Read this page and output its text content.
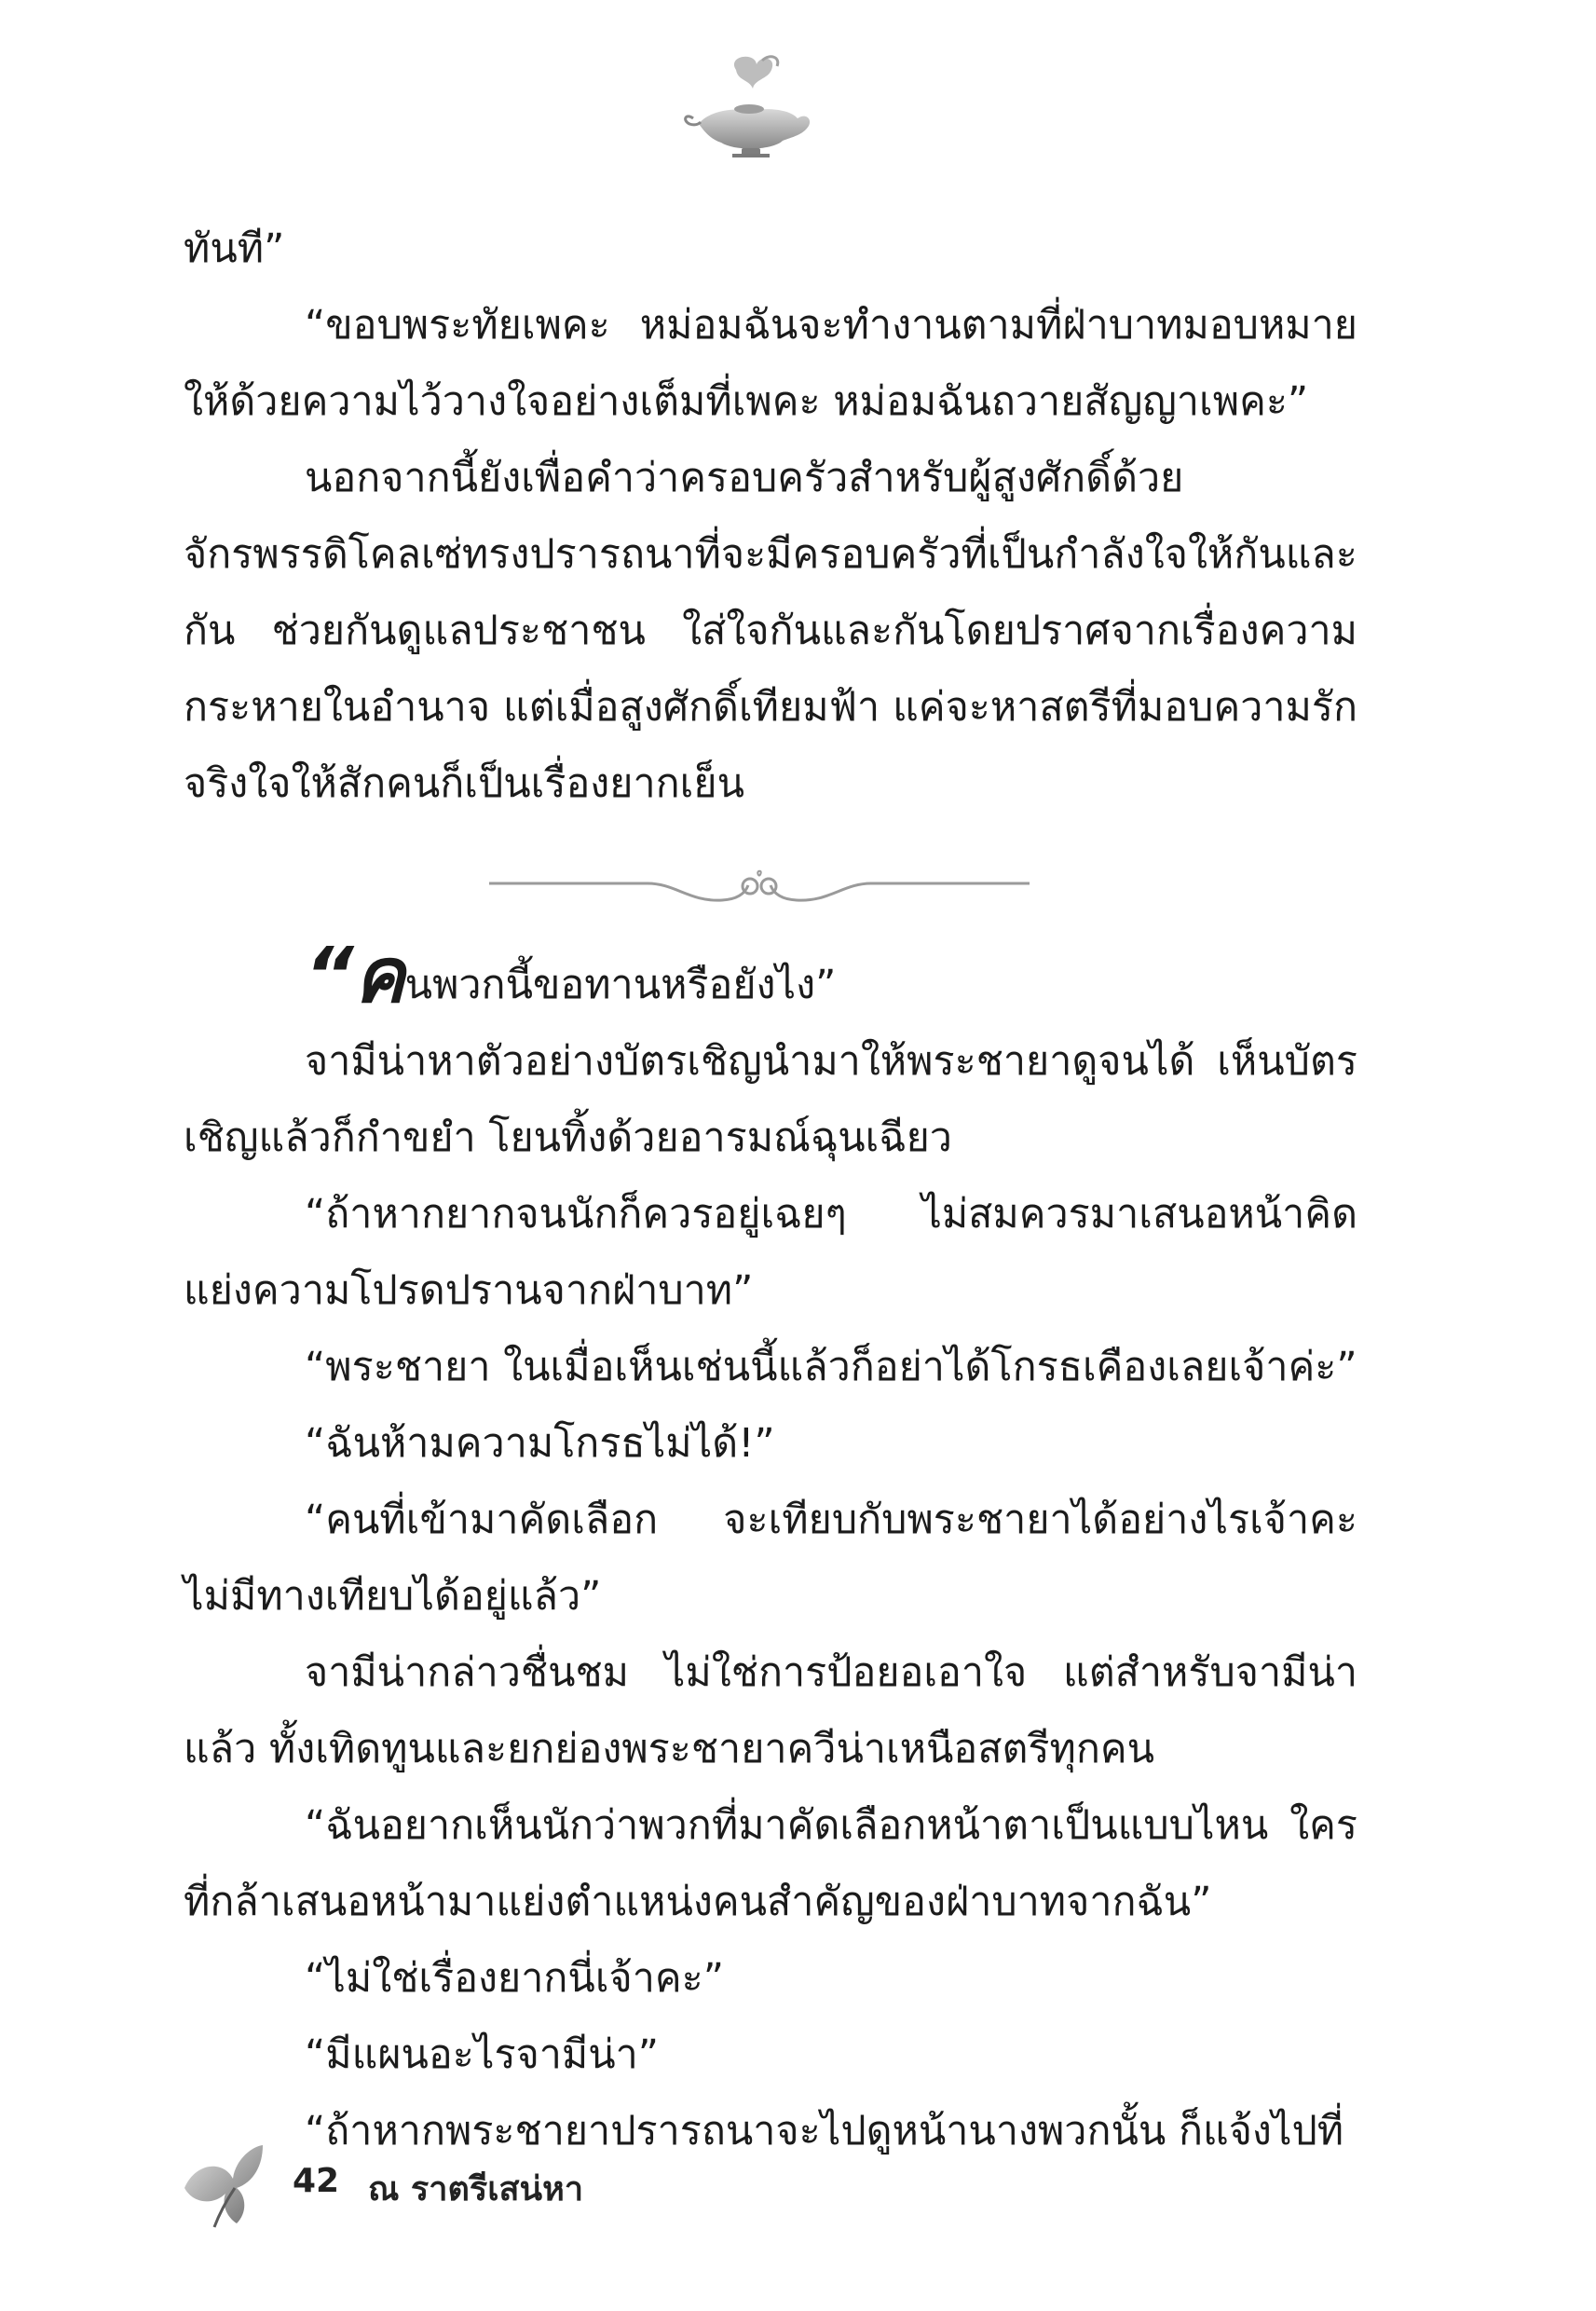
ทันที”

“ขอบพระทัยเพคะ หม่อมฉันจะทำงานตามที่ฝ่าบาทมอบหมายให้ด้วยความไว้วางใจอย่างเต็มที่เพคะ หม่อมฉันถวายสัญญาเพคะ”

นอกจากนี้ยังเพื่อคำว่าครอบครัวสำหรับผู้สูงศักดิ์ด้วย จักรพรรดิโคลเซ่ทรงปรารถนาที่จะมีครอบครัวที่เป็นกำลังใจให้กันและกัน ช่วยกันดูแลประชาชน ใส่ใจกันและกันโดยปราศจากเรื่องความกระหายในอำนาจ แต่เมื่อสูงศักดิ์เทียมฟ้า แค่จะหาสตรีที่มอบความรักจริงใจให้สักคนก็เป็นเรื่องยากเย็น

“คนพวกนี้ขอทานหรือยังไง”

จามีน่าหาตัวอย่างบัตรเชิญนำมาให้พระชายาดูจนได้ เห็นบัตรเชิญแล้วก็กำขยำ โยนทิ้งด้วยอารมณ์ฉุนเฉียว

“ถ้าหากยากจนนักก็ควรอยู่เฉยๆ ไม่สมควรมาเสนอหน้าคิดแย่งความโปรดปรานจากฝ่าบาท”

“พระชายา ในเมื่อเห็นเช่นนี้แล้วก็อย่าได้โกรธเคืองเลยเจ้าค่ะ”

“ฉันห้ามความโกรธไม่ได้!”

“คนที่เข้ามาคัดเลือก จะเทียบกับพระชายาได้อย่างไรเจ้าคะ ไม่มีทางเทียบได้อยู่แล้ว”

จามีน่ากล่าวชื่นชม ไม่ใช่การป้อยอเอาใจ แต่สำหรับจามีน่าแล้ว ทั้งเทิดทูนและยกย่องพระชายาควีน่าเหนือสตรีทุกคน

“ฉันอยากเห็นนักว่าพวกที่มาคัดเลือกหน้าตาเป็นแบบไหน ใครที่กล้าเสนอหน้ามาแย่งตำแหน่งคนสำคัญของฝ่าบาทจากฉัน”

“ไม่ใช่เรื่องยากนี่เจ้าคะ”

“มีแผนอะไรจามีน่า”

“ถ้าหากพระชายาปรารถนาจะไปดูหน้านางพวกนั้น ก็แจ้งไปที่

42 ณ ราตรีเสน่หา
